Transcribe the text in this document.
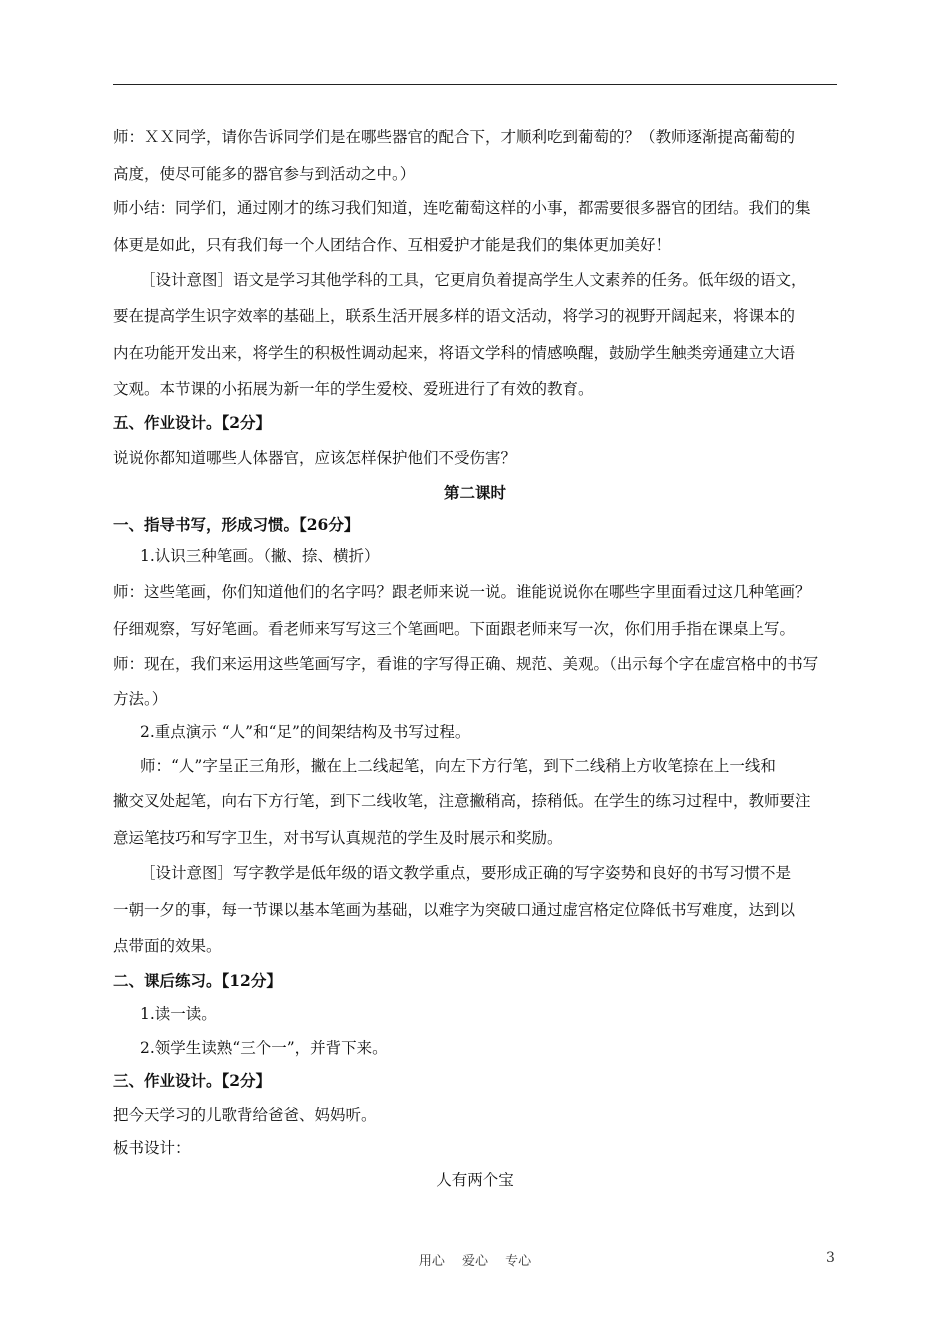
师：ＸＸ同学，请你告诉同学们是在哪些器官的配合下，才顺利吃到葡萄的？（教师逐渐提高葡萄的
高度，使尽可能多的器官参与到活动之中。）
师小结：同学们，通过刚才的练习我们知道，连吃葡萄这样的小事，都需要很多器官的团结。我们的集
体更是如此，只有我们每一个人团结合作、互相爱护才能是我们的集体更加美好！
［设计意图］语文是学习其他学科的工具，它更肩负着提高学生人文素养的任务。低年级的语文，
要在提高学生识字效率的基础上，联系生活开展多样的语文活动，将学习的视野开阔起来，将课本的
内在功能开发出来，将学生的积极性调动起来，将语文学科的情感唤醒，鼓励学生触类旁通建立大语
文观。本节课的小拓展为新一年的学生爱校、爱班进行了有效的教育。
五、作业设计。【2分】
说说你都知道哪些人体器官，应该怎样保护他们不受伤害？
第二课时
一、指导书写，形成习惯。【26分】
1.认识三种笔画。（撇、捺、横折）
师：这些笔画，你们知道他们的名字吗？跟老师来说一说。谁能说说你在哪些字里面看过这几种笔画？
仔细观察，写好笔画。看老师来写写这三个笔画吧。下面跟老师来写一次，你们用手指在课桌上写。
师：现在，我们来运用这些笔画写字，看谁的字写得正确、规范、美观。（出示每个字在虚宫格中的书写
方法。）
2.重点演示 “人”和“足”的间架结构及书写过程。
师：“人”字呈正三角形，撇在上二线起笔，向左下方行笔，到下二线稍上方收笔捺在上一线和
撇交叉处起笔，向右下方行笔，到下二线收笔，注意撇稍高，捺稍低。在学生的练习过程中，教师要注
意运笔技巧和写字卫生，对书写认真规范的学生及时展示和奖励。
［设计意图］写字教学是低年级的语文教学重点，要形成正确的写字姿势和良好的书写习惯不是
一朝一夕的事，每一节课以基本笔画为基础，以难字为突破口通过虚宫格定位降低书写难度，达到以
点带面的效果。
二、课后练习。【12分】
1.读一读。
2.领学生读熟“三个一”，并背下来。
三、作业设计。【2分】
把今天学习的儿歌背给爸爸、妈妈听。
板书设计：
人有两个宝
用心　 爱心　 专心	3
